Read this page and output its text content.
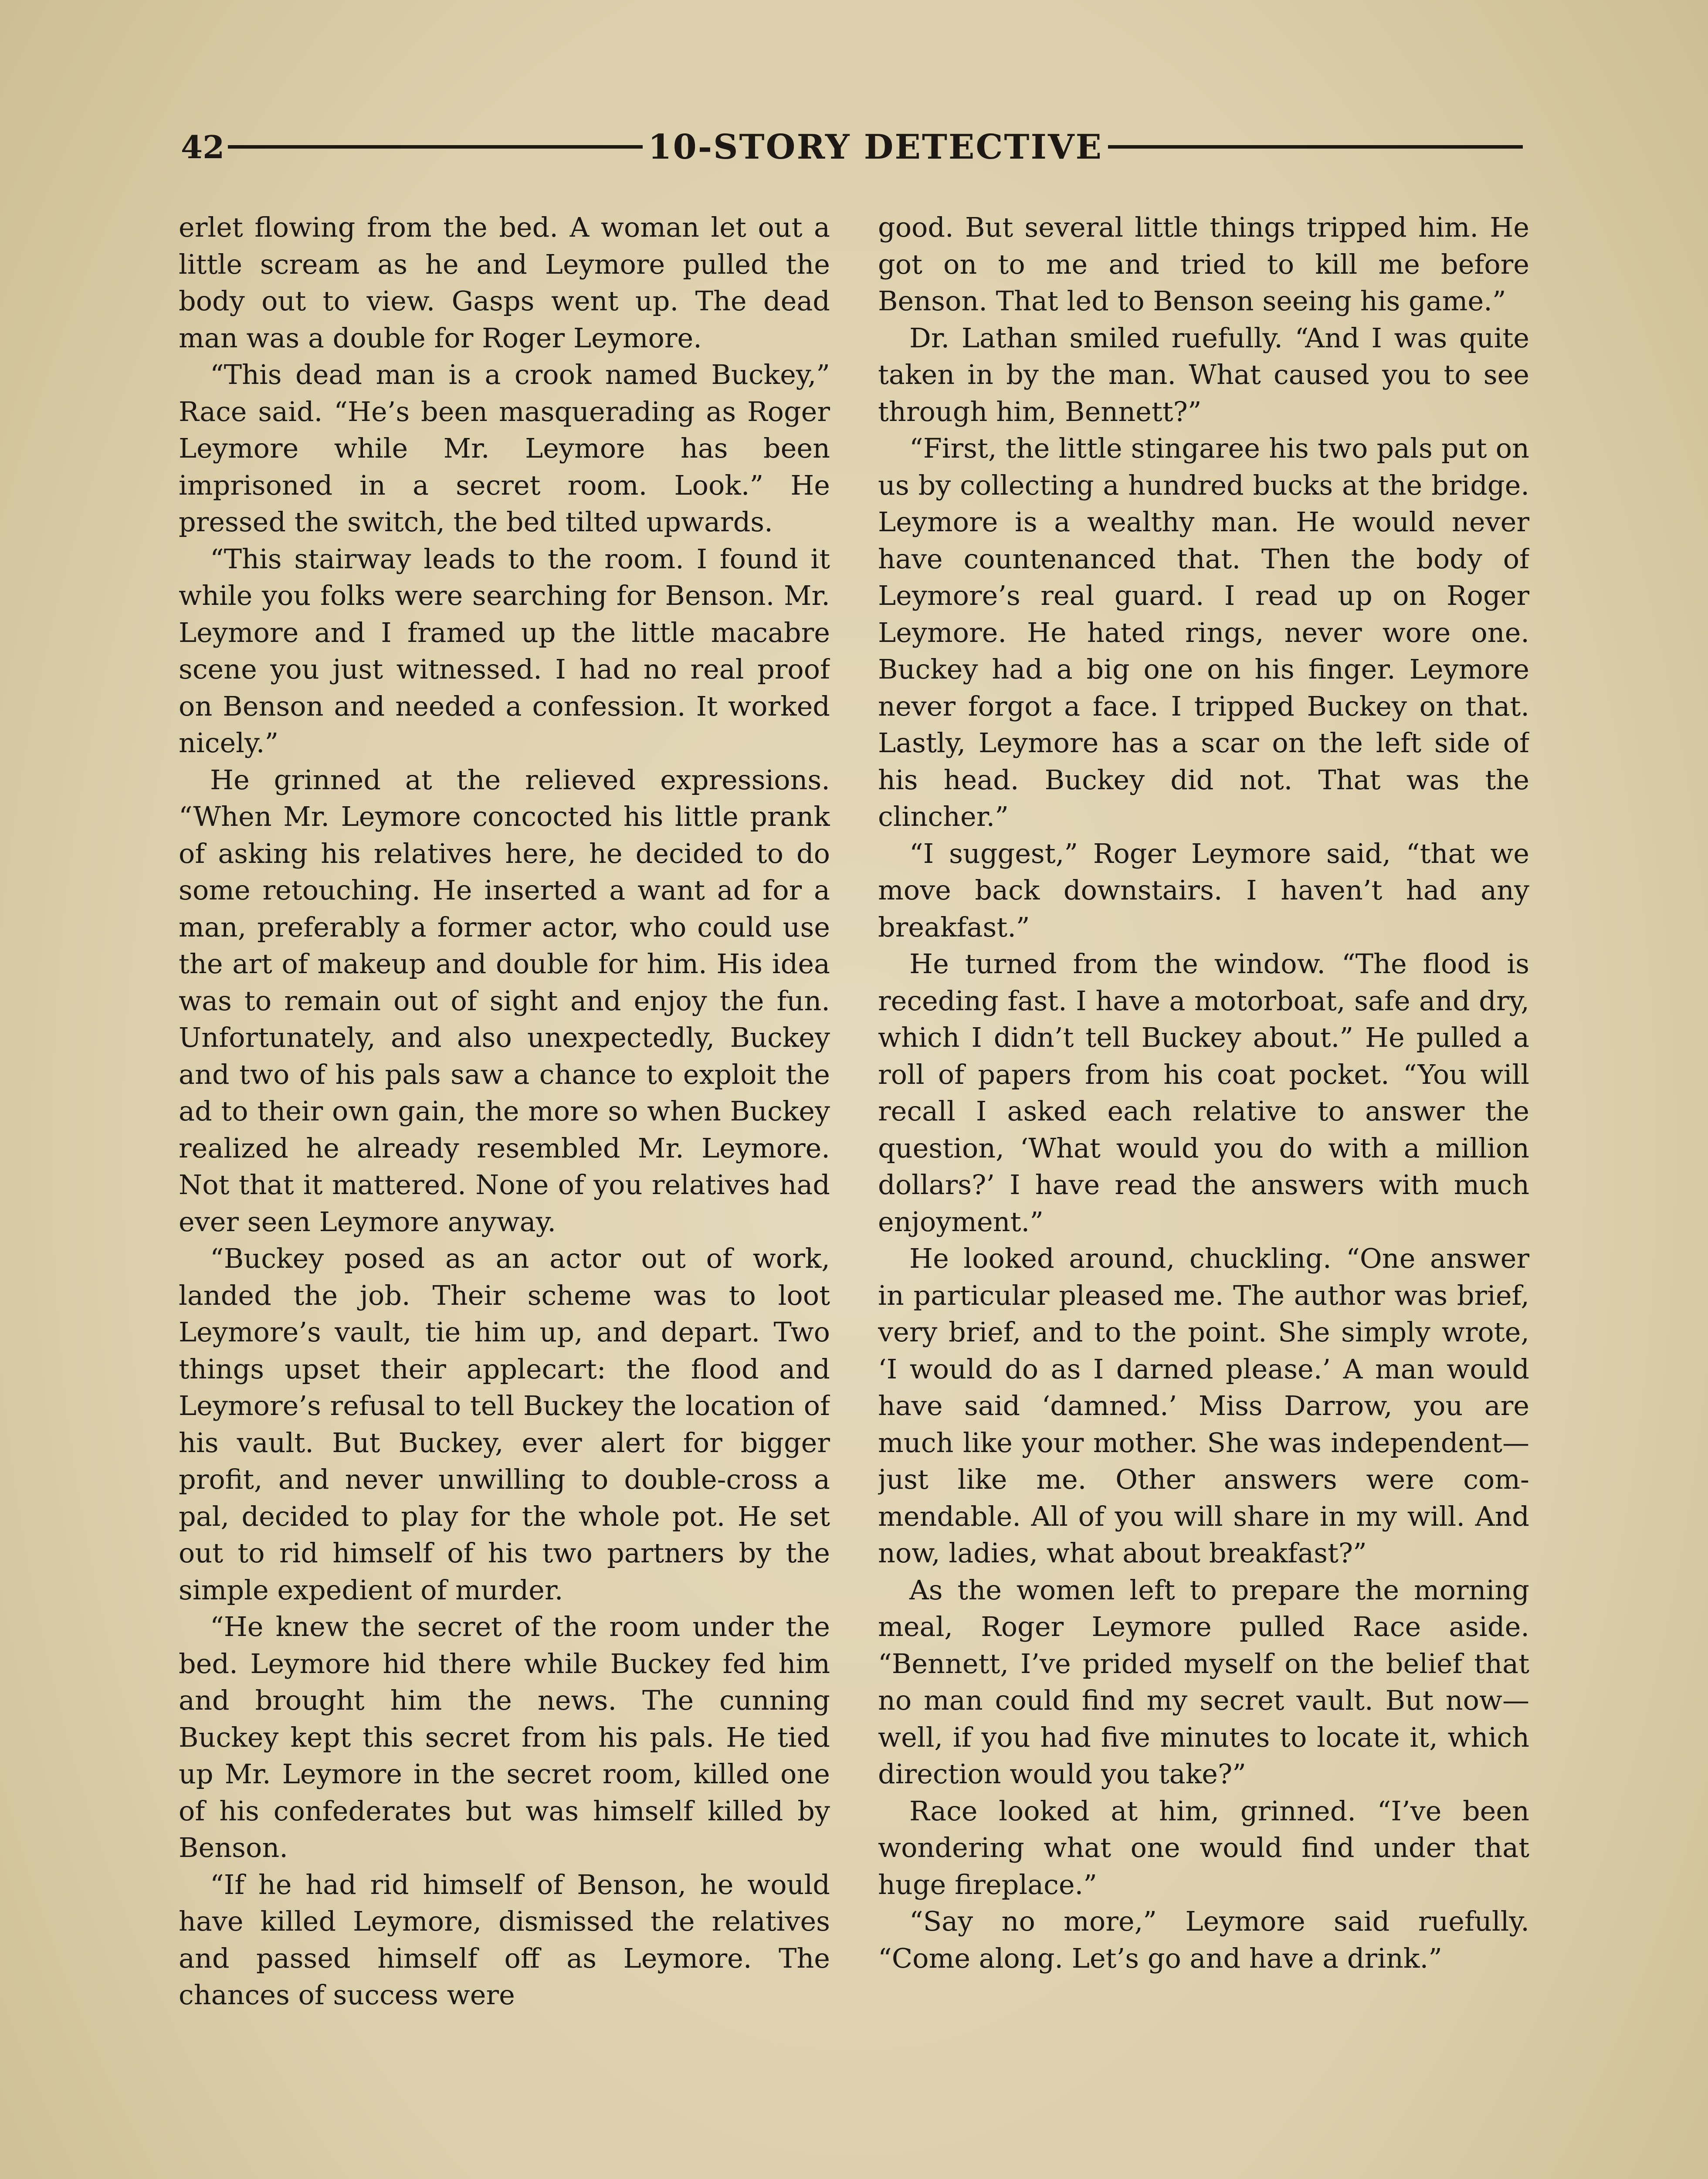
42	10-STORY DETECTIVE

erlet flowing from the bed. A woman let out a little scream as he and Leymore pulled the body out to view. Gasps went up. The dead man was a double for Roger Leymore.

“This dead man is a crook named Buckey,” Race said. “He’s been masquerading as Roger Leymore while Mr. Leymore has been imprisoned in a secret room. Look.” He pressed the switch, the bed tilted upwards.

“This stairway leads to the room. I found it while you folks were searching for Benson. Mr. Leymore and I framed up the little macabre scene you just witnessed. I had no real proof on Benson and needed a confession. It worked nicely.”

He grinned at the relieved expressions. “When Mr. Leymore concocted his little prank of asking his relatives here, he decided to do some retouching. He inserted a want ad for a man, preferably a former actor, who could use the art of makeup and double for him. His idea was to remain out of sight and enjoy the fun. Unfortunately, and also unexpectedly, Buckey and two of his pals saw a chance to exploit the ad to their own gain, the more so when Buckey realized he already resembled Mr. Leymore. Not that it mattered. None of you relatives had ever seen Leymore anyway.

“Buckey posed as an actor out of work, landed the job. Their scheme was to loot Leymore’s vault, tie him up, and depart. Two things upset their applecart: the flood and Leymore’s refusal to tell Buckey the location of his vault. But Buckey, ever alert for bigger profit, and never unwilling to double-cross a pal, decided to play for the whole pot. He set out to rid himself of his two partners by the simple expedient of murder.

“He knew the secret of the room under the bed. Leymore hid there while Buckey fed him and brought him the news. The cunning Buckey kept this secret from his pals. He tied up Mr. Leymore in the secret room, killed one of his confederates but was himself killed by Benson.

“If he had rid himself of Benson, he would have killed Leymore, dismissed the relatives and passed himself off as Leymore. The chances of success were

good. But several little things tripped him. He got on to me and tried to kill me before Benson. That led to Benson seeing his game.”

Dr. Lathan smiled ruefully. “And I was quite taken in by the man. What caused you to see through him, Bennett?”

“First, the little stingaree his two pals put on us by collecting a hundred bucks at the bridge. Leymore is a wealthy man. He would never have countenanced that. Then the body of Leymore’s real guard. I read up on Roger Leymore. He hated rings, never wore one. Buckey had a big one on his finger. Leymore never forgot a face. I tripped Buckey on that. Lastly, Leymore has a scar on the left side of his head. Buckey did not. That was the clincher.”

“I suggest,” Roger Leymore said, “that we move back downstairs. I haven’t had any breakfast.”

He turned from the window. “The flood is receding fast. I have a motorboat, safe and dry, which I didn’t tell Buckey about.” He pulled a roll of papers from his coat pocket. “You will recall I asked each relative to answer the question, ‘What would you do with a million dollars?’ I have read the answers with much enjoyment.”

He looked around, chuckling. “One answer in particular pleased me. The author was brief, very brief, and to the point. She simply wrote, ‘I would do as I darned please.’ A man would have said ‘damned.’ Miss Darrow, you are much like your mother. She was independent— just like me. Other answers were commendable. All of you will share in my will. And now, ladies, what about breakfast?”

As the women left to prepare the morning meal, Roger Leymore pulled Race aside. “Bennett, I’ve prided myself on the belief that no man could find my secret vault. But now—well, if you had five minutes to locate it, which direction would you take?”

Race looked at him, grinned. “I’ve been wondering what one would find under that huge fireplace.”

“Say no more,” Leymore said ruefully. “Come along. Let’s go and have a drink.”
